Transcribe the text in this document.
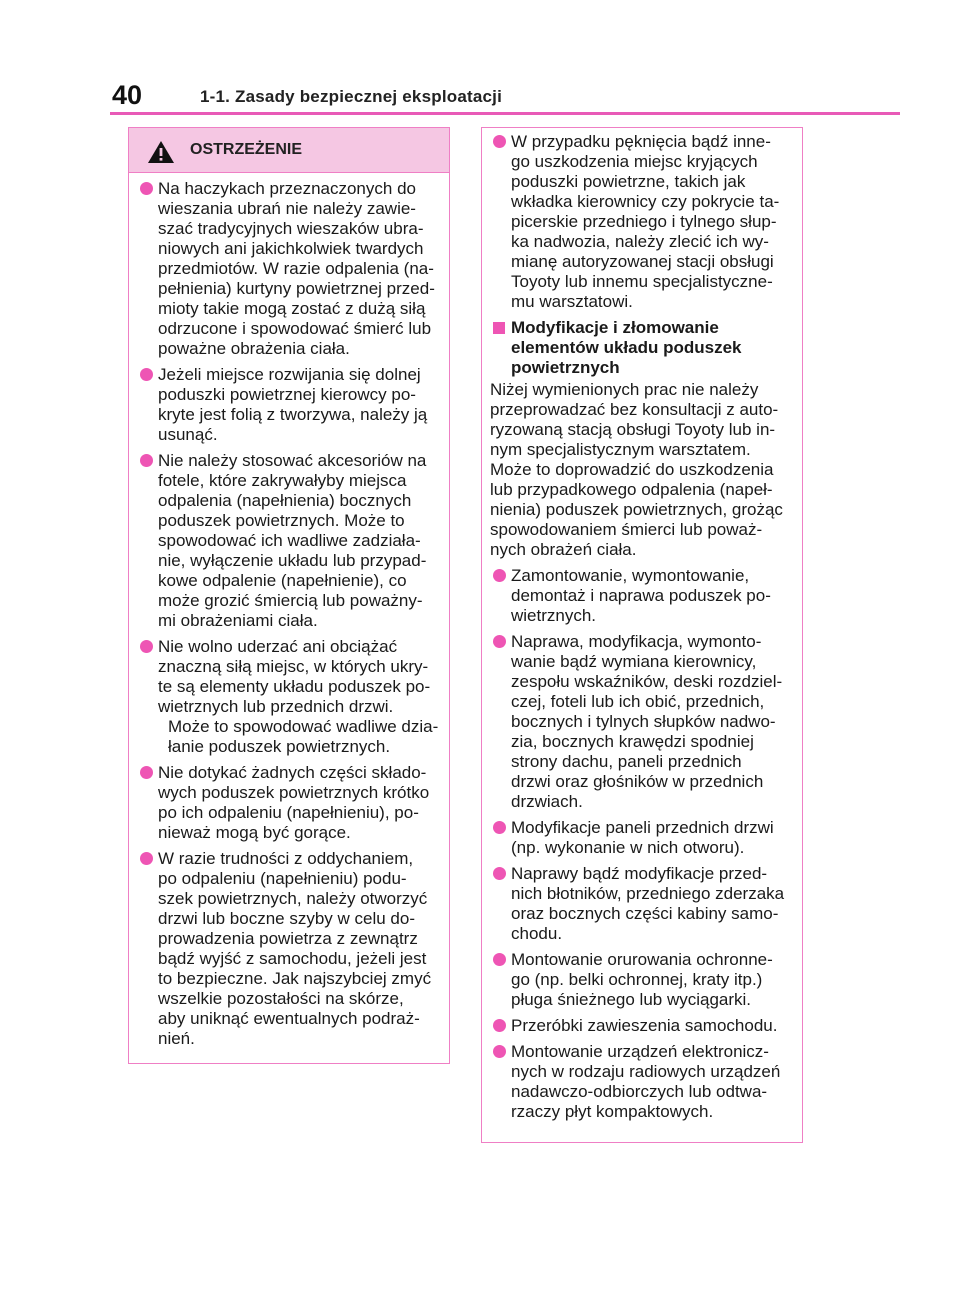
40	1-1. Zasady bezpiecznej eksploatacji
OSTRZEŻENIE
Na haczykach przeznaczonych do
wieszania ubrań nie należy zawie-
szać tradycyjnych wieszaków ubra-
niowych ani jakichkolwiek twardych
przedmiotów. W razie odpalenia (na-
pełnienia) kurtyny powietrznej przed-
mioty takie mogą zostać z dużą siłą
odrzucone i spowodować śmierć lub
poważne obrażenia ciała.
Jeżeli miejsce rozwijania się dolnej
poduszki powietrznej kierowcy po-
kryte jest folią z tworzywa, należy ją
usunąć.
Nie należy stosować akcesoriów na
fotele, które zakrywałyby miejsca
odpalenia (napełnienia) bocznych
poduszek powietrznych. Może to
spowodować ich wadliwe zadziała-
nie, wyłączenie układu lub przypad-
kowe odpalenie (napełnienie), co
może grozić śmiercią lub poważny-
mi obrażeniami ciała.
Nie wolno uderzać ani obciążać
znaczną siłą miejsc, w których ukry-
te są elementy układu poduszek po-
wietrznych lub przednich drzwi.
Może to spowodować wadliwe dzia-
łanie poduszek powietrznych.
Nie dotykać żadnych części składo-
wych poduszek powietrznych krótko
po ich odpaleniu (napełnieniu), po-
nieważ mogą być gorące.
W razie trudności z oddychaniem,
po odpaleniu (napełnieniu) podu-
szek powietrznych, należy otworzyć
drzwi lub boczne szyby w celu do-
prowadzenia powietrza z zewnątrz
bądź wyjść z samochodu, jeżeli jest
to bezpieczne. Jak najszybciej zmyć
wszelkie pozostałości na skórze,
aby uniknąć ewentualnych podraż-
nień.
W przypadku pęknięcia bądź inne-
go uszkodzenia miejsc kryjących
poduszki powietrzne, takich jak
wkładka kierownicy czy pokrycie ta-
picerskie przedniego i tylnego słup-
ka nadwozia, należy zlecić ich wy-
mianę autoryzowanej stacji obsługi
Toyoty lub innemu specjalistyczne-
mu warsztatowi.
Modyfikacje i złomowanie
elementów układu poduszek
powietrznych
Niżej wymienionych prac nie należy
przeprowadzać bez konsultacji z auto-
ryzowaną stacją obsługi Toyoty lub in-
nym specjalistycznym warsztatem.
Może to doprowadzić do uszkodzenia
lub przypadkowego odpalenia (napeł-
nienia) poduszek powietrznych, grożąc
spowodowaniem śmierci lub poważ-
nych obrażeń ciała.
Zamontowanie, wymontowanie,
demontaż i naprawa poduszek po-
wietrznych.
Naprawa, modyfikacja, wymonto-
wanie bądź wymiana kierownicy,
zespołu wskaźników, deski rozdziel-
czej, foteli lub ich obić, przednich,
bocznych i tylnych słupków nadwo-
zia, bocznych krawędzi spodniej
strony dachu, paneli przednich
drzwi oraz głośników w przednich
drzwiach.
Modyfikacje paneli przednich drzwi
(np. wykonanie w nich otworu).
Naprawy bądź modyfikacje przed-
nich błotników, przedniego zderzaka
oraz bocznych części kabiny samo-
chodu.
Montowanie orurowania ochronne-
go (np. belki ochronnej, kraty itp.)
pługa śnieżnego lub wyciągarki.
Przeróbki zawieszenia samochodu.
Montowanie urządzeń elektronicz-
nych w rodzaju radiowych urządzeń
nadawczo-odbiorczych lub odtwa-
rzaczy płyt kompaktowych.
